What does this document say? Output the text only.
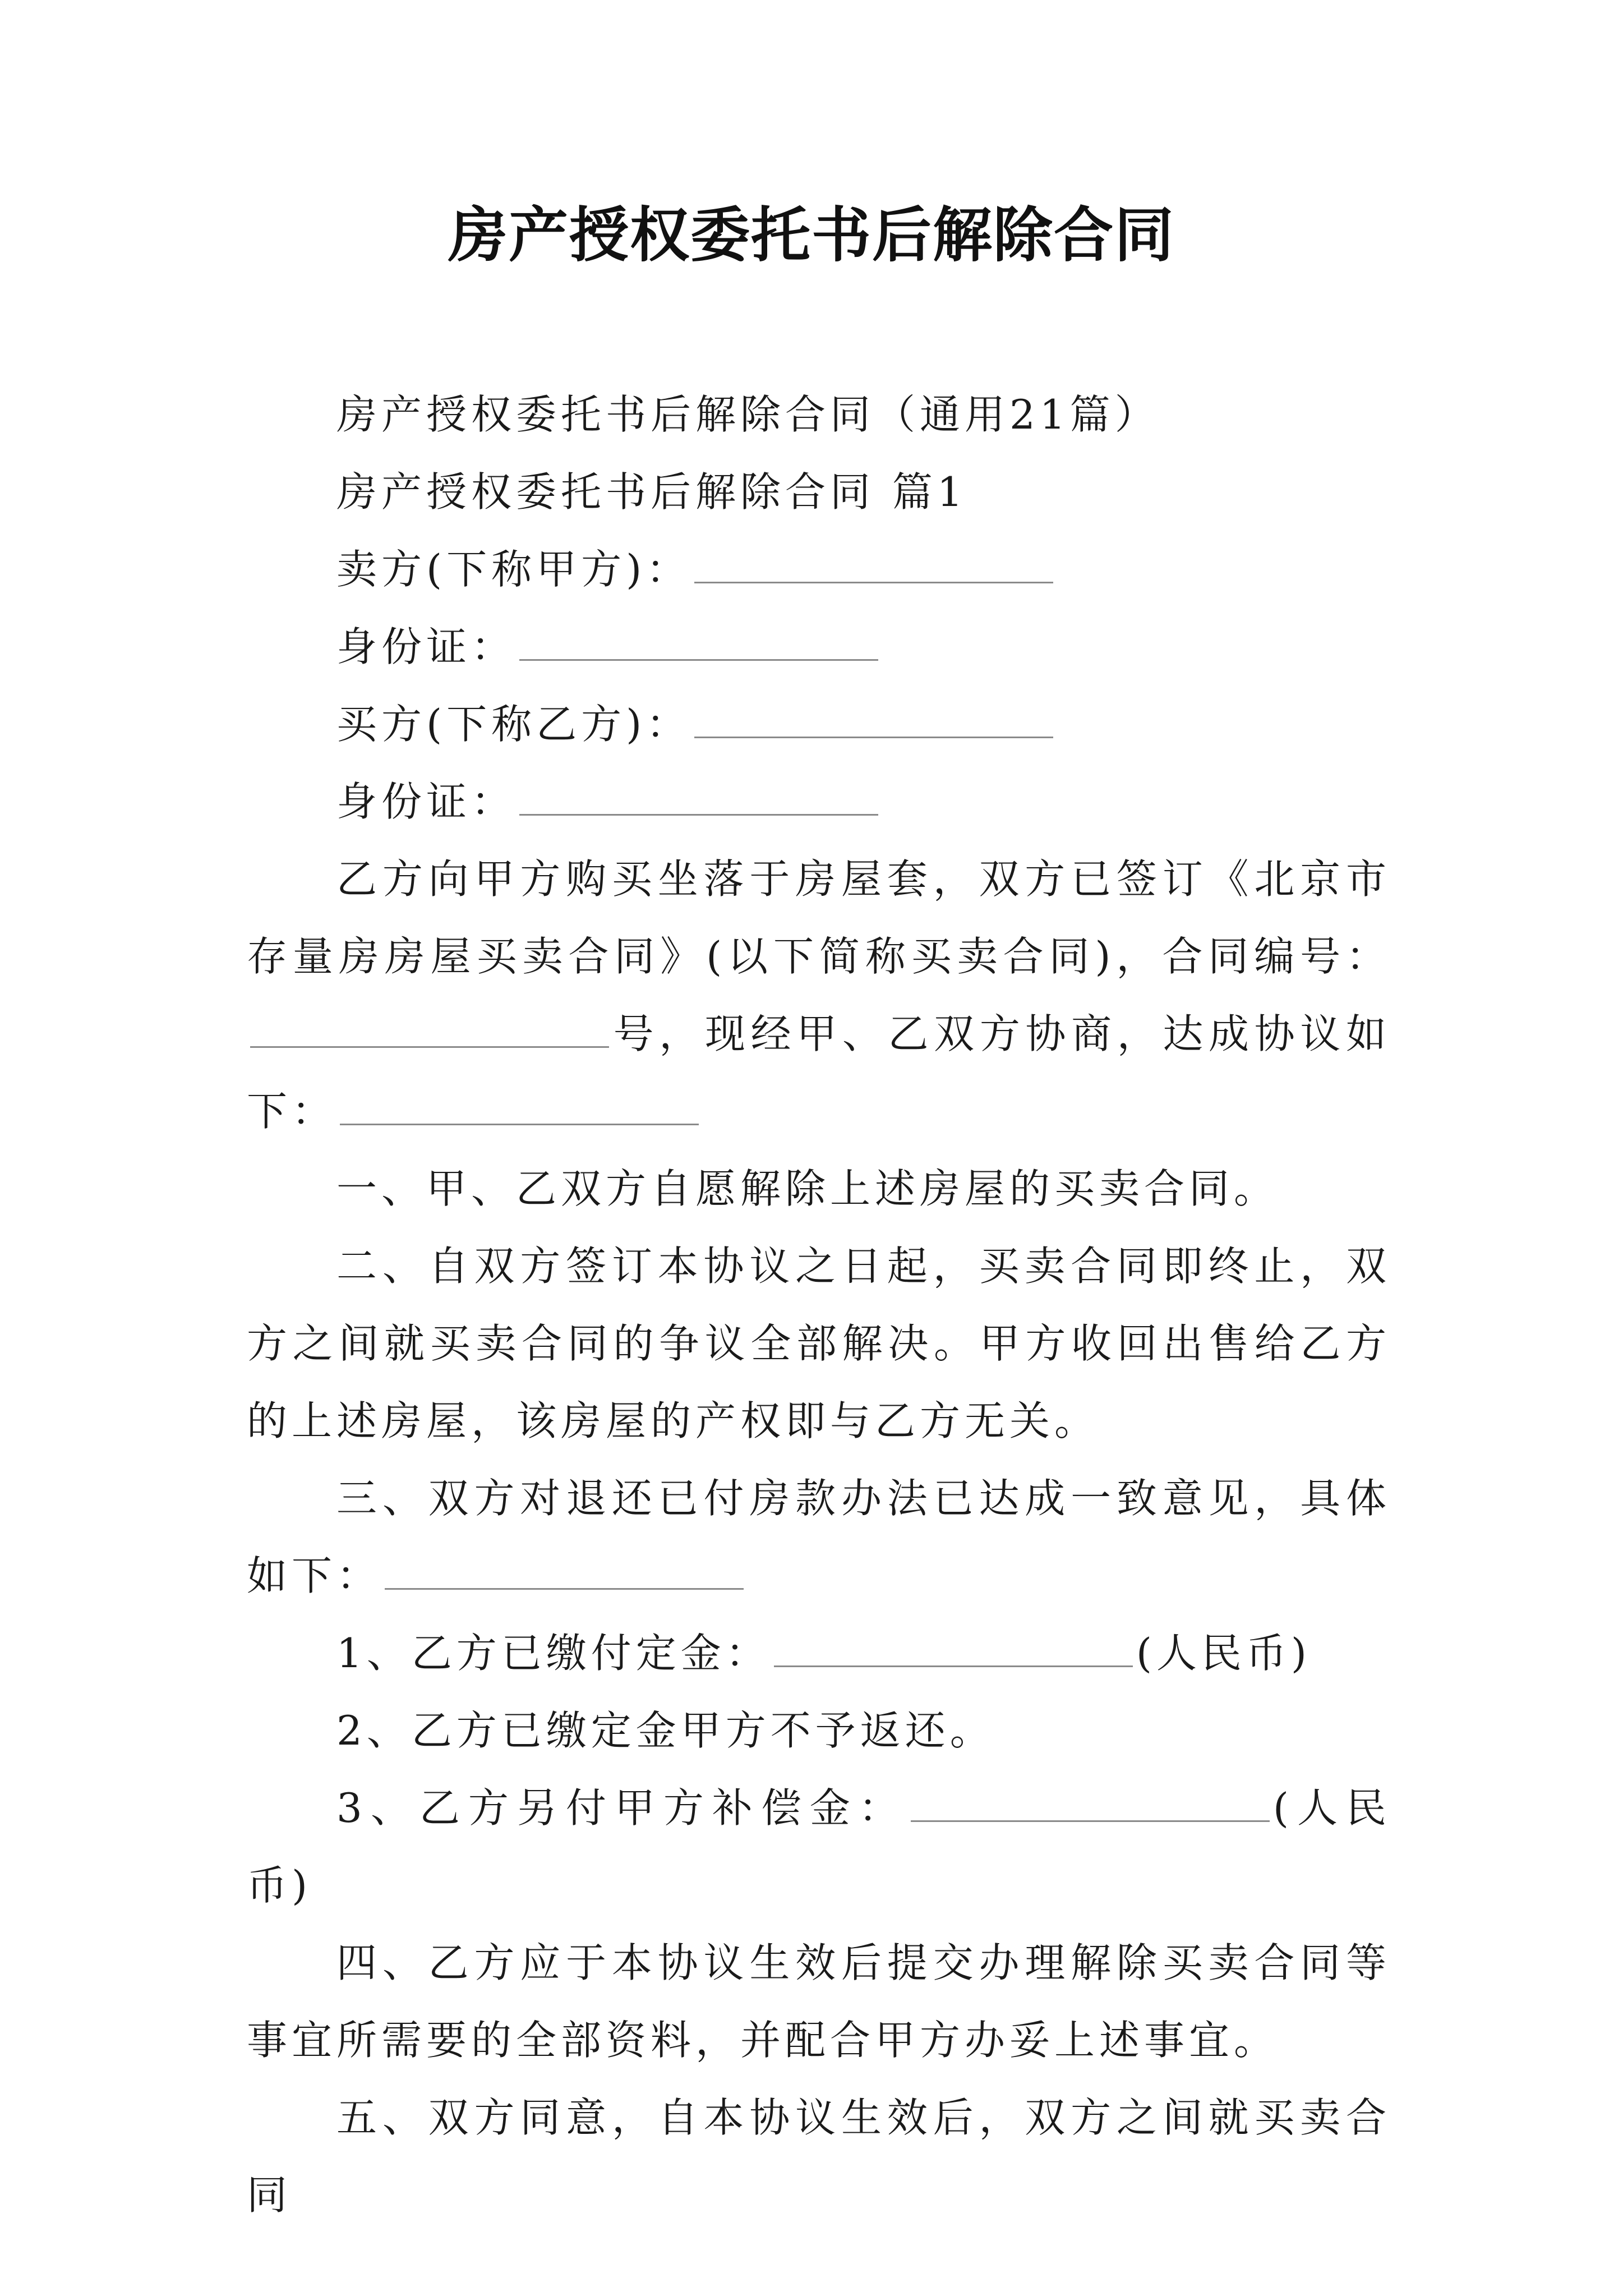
房产授权委托书后解除合同

房产授权委托书后解除合同（通用21篇）

房产授权委托书后解除合同 篇1

卖方(下称甲方)：

身份证：

买方(下称乙方)：

身份证：

乙方向甲方购买坐落于房屋套，双方已签订《北京市存量房房屋买卖合同》(以下简称买卖合同)，合同编号：号，现经甲、乙双方协商，达成协议如下：

一、甲、乙双方自愿解除上述房屋的买卖合同。

二、自双方签订本协议之日起，买卖合同即终止，双方之间就买卖合同的争议全部解决。甲方收回出售给乙方的上述房屋，该房屋的产权即与乙方无关。

三、双方对退还已付房款办法已达成一致意见，具体如下：

1、乙方已缴付定金：	(人民币)

2、乙方已缴定金甲方不予返还。

3、乙方另付甲方补偿金：	(人民币)

四、乙方应于本协议生效后提交办理解除买卖合同等事宜所需要的全部资料，并配合甲方办妥上述事宜。

五、双方同意，自本协议生效后，双方之间就买卖合同
